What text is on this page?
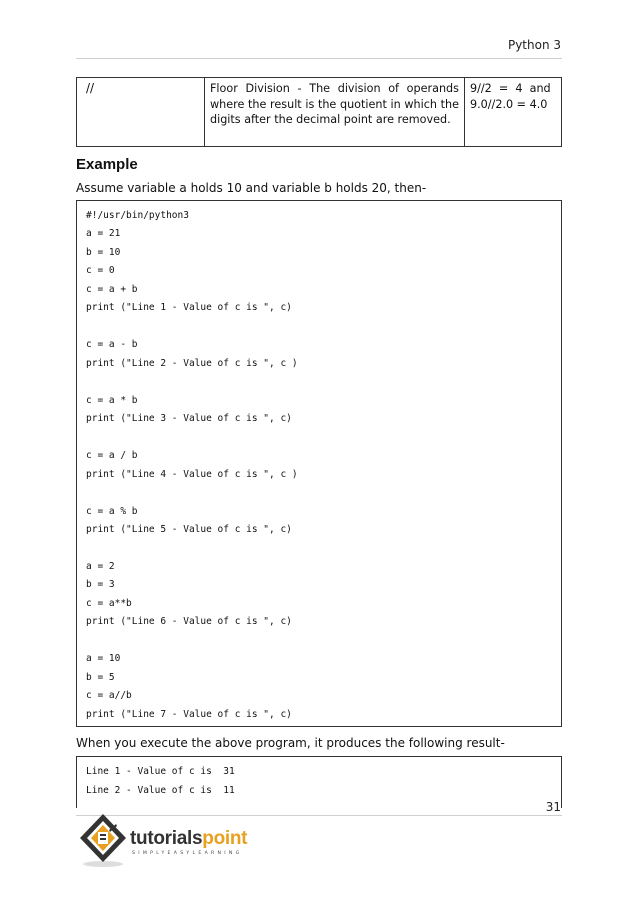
Python 3
//	Floor Division - The division of operands where the result is the quotient in which the digits after the decimal point are removed.	9//2  =  4  and
9.0//2.0 = 4.0
Example
Assume variable a holds 10 and variable b holds 20, then-
#!/usr/bin/python3
a = 21
b = 10
c = 0
c = a + b
print ("Line 1 - Value of c is ", c)
c = a - b
print ("Line 2 - Value of c is ", c )
c = a * b
print ("Line 3 - Value of c is ", c)
c = a / b
print ("Line 4 - Value of c is ", c )
c = a % b
print ("Line 5 - Value of c is ", c)
a = 2
b = 3
c = a**b
print ("Line 6 - Value of c is ", c)
a = 10
b = 5
c = a//b
print ("Line 7 - Value of c is ", c)
When you execute the above program, it produces the following result-
Line 1 - Value of c is  31
Line 2 - Value of c is  11
31
tutorialspoint
SIMPLYEASYLEARNING
